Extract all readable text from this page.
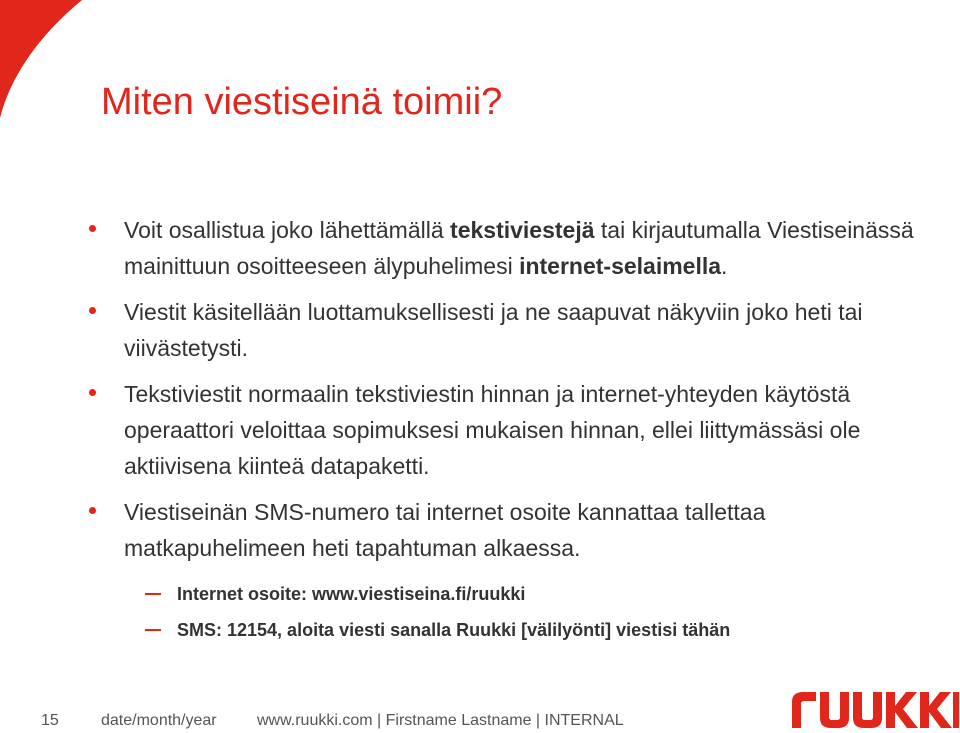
Miten viestiseinä toimii?

Voit osallistua joko lähettämällä tekstiviestejä tai kirjautumalla Viestiseinässä mainittuun osoitteeseen älypuhelimesi internet-selaimella.

Viestit käsitellään luottamuksellisesti ja ne saapuvat näkyviin joko heti tai viivästetysti.

Tekstiviestit normaalin tekstiviestin hinnan ja internet-yhteyden käytöstä operaattori veloittaa sopimuksesi mukaisen hinnan, ellei liittymässäsi ole aktiivisena kiinteä datapaketti.

Viestiseinän SMS-numero tai internet osoite kannattaa tallettaa matkapuhelimeen heti tapahtuman alkaessa.

Internet osoite: www.viestiseina.fi/ruukki
SMS: 12154, aloita viesti sanalla Ruukki [välilyönti] viestisi tähän
15	date/month/year	www.ruukki.com | Firstname Lastname | INTERNAL
